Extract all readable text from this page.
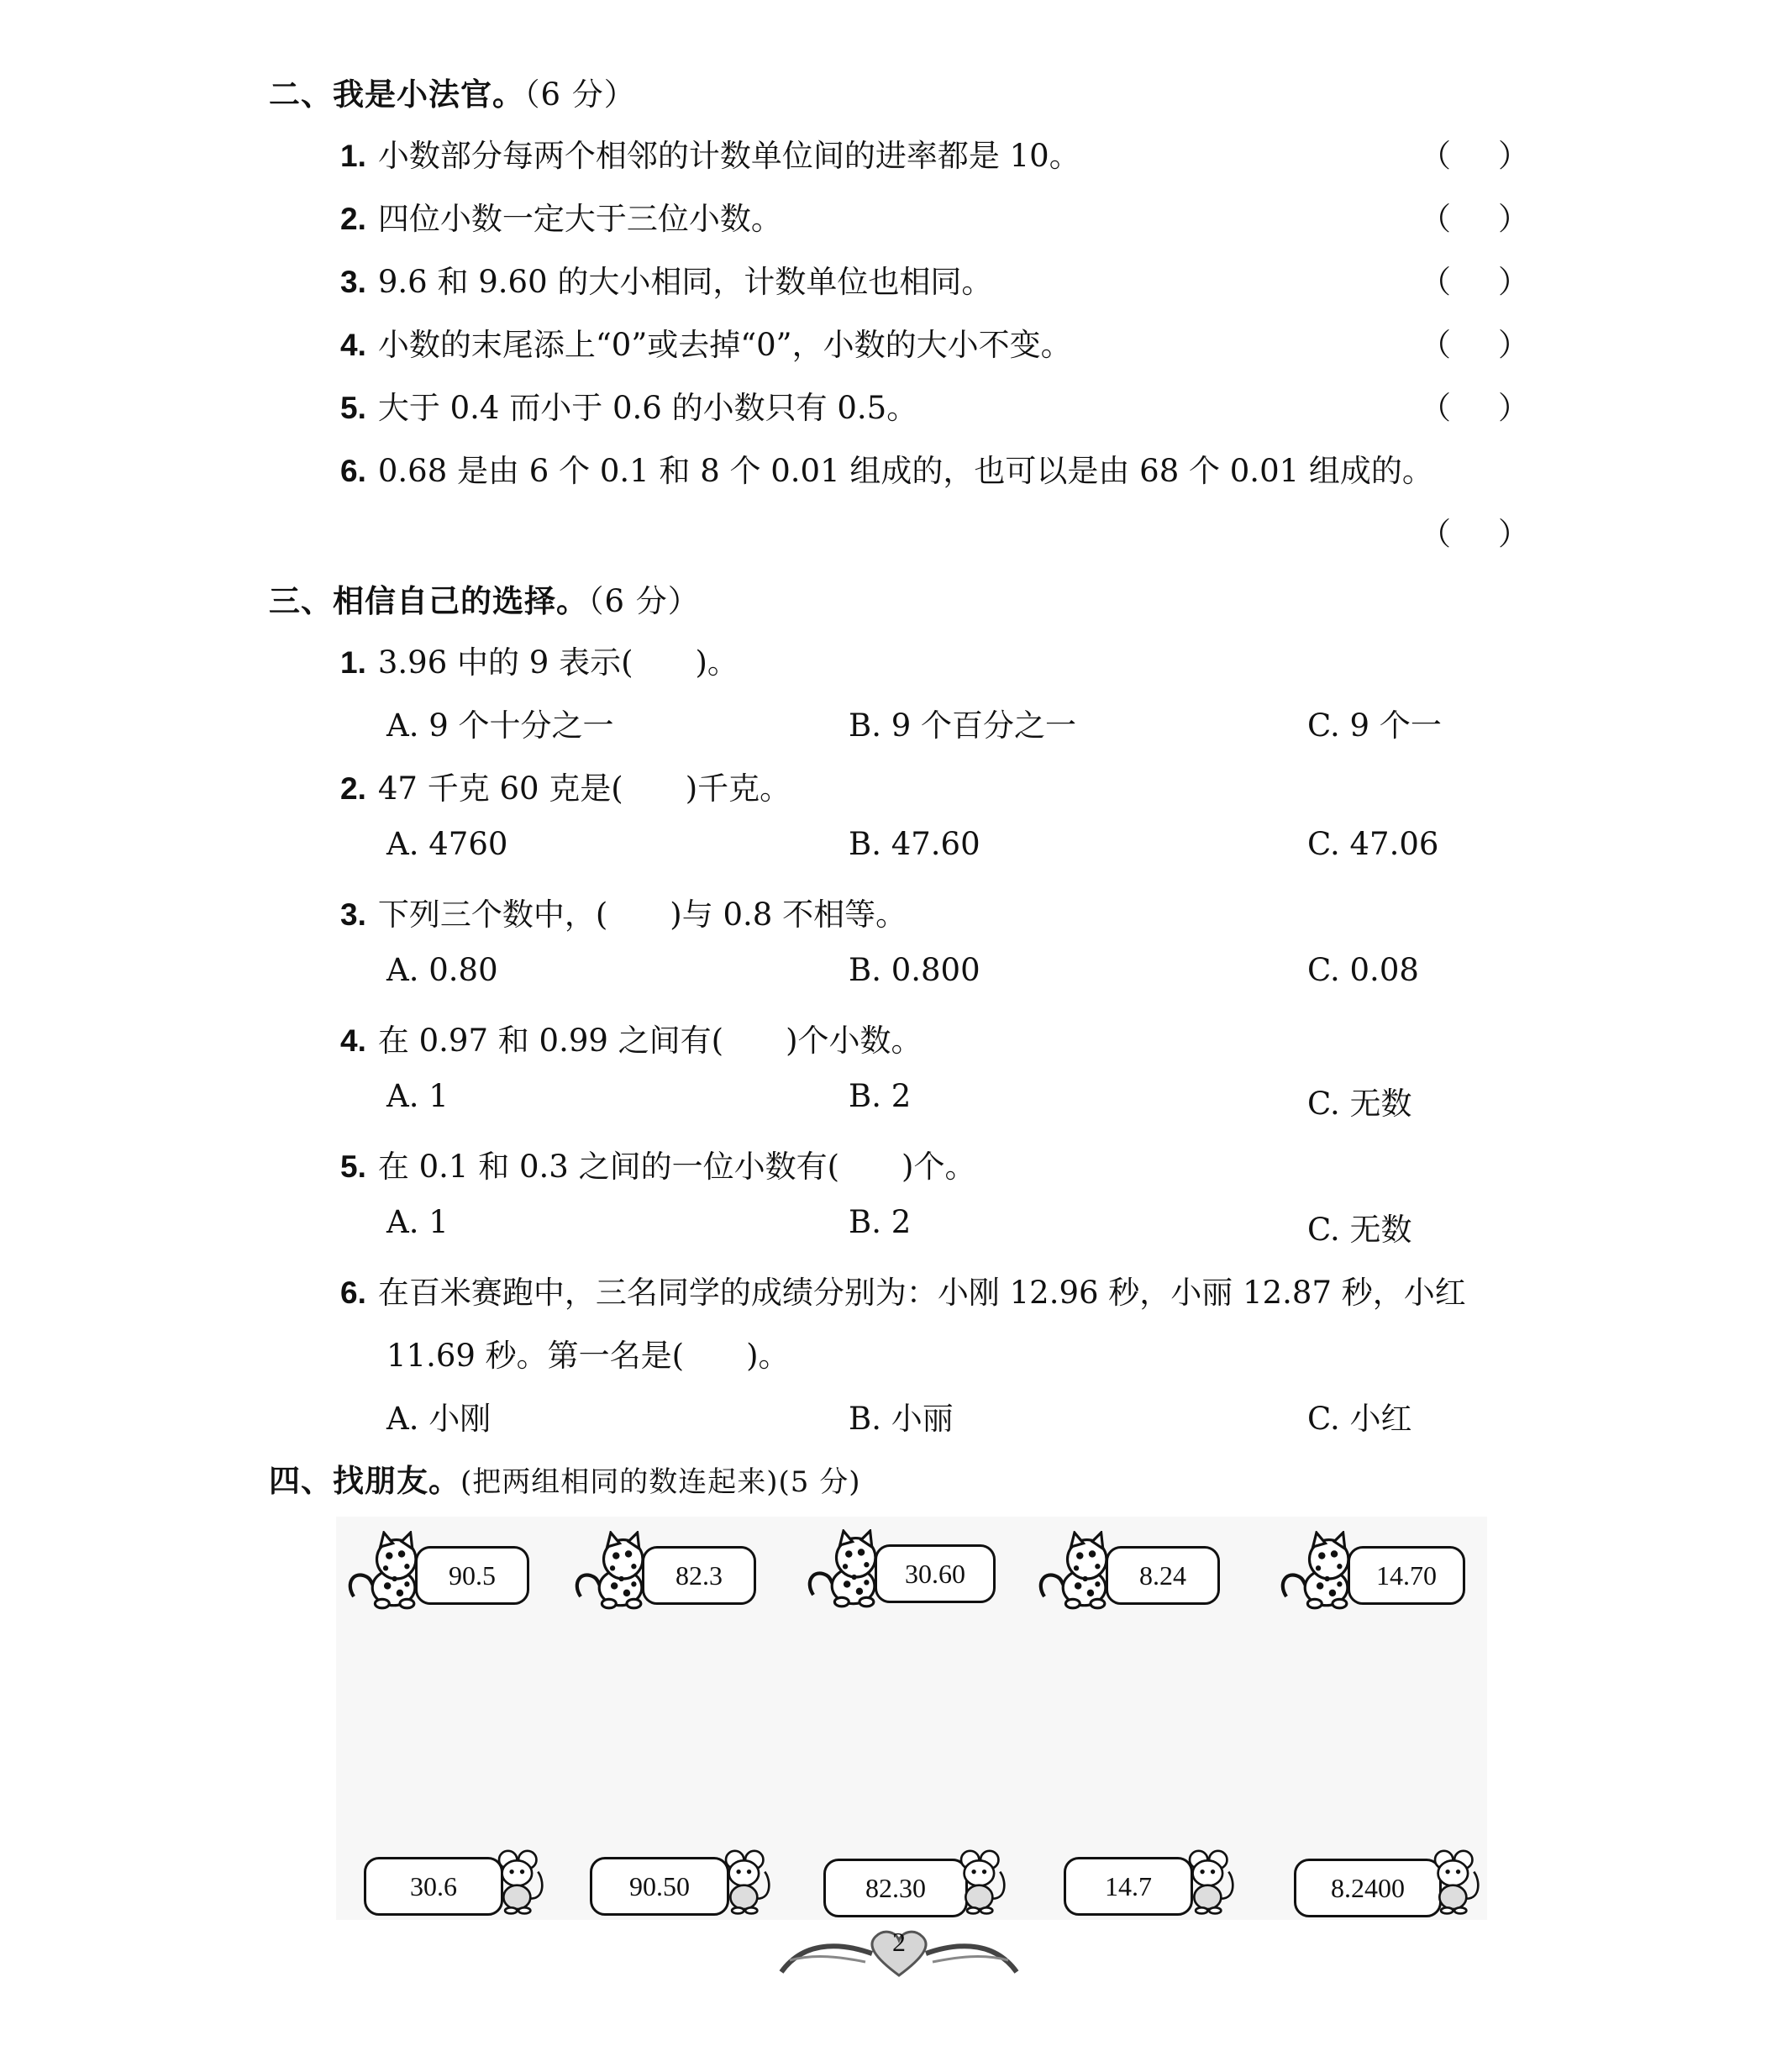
二、我是小法官。（6 分）
1. 小数部分每两个相邻的计数单位间的进率都是 10。	（ ）
2. 四位小数一定大于三位小数。	（ ）
3. 9.6 和 9.60 的大小相同，计数单位也相同。	（ ）
4. 小数的末尾添上“0”或去掉“0”，小数的大小不变。	（ ）
5. 大于 0.4 而小于 0.6 的小数只有 0.5。	（ ）
6. 0.68 是由 6 个 0.1 和 8 个 0.01 组成的，也可以是由 68 个 0.01 组成的。
（ ）
三、相信自己的选择。（6 分）
1. 3.96 中的 9 表示(　　)。
A. 9 个十分之一	B. 9 个百分之一	C. 9 个一
2. 47 千克 60 克是(　　)千克。
A. 4760	B. 47.60	C. 47.06
3. 下列三个数中，(　　)与 0.8 不相等。
A. 0.80	B. 0.800	C. 0.08
4. 在 0.97 和 0.99 之间有(　　)个小数。
A. 1	B. 2	C. 无数
5. 在 0.1 和 0.3 之间的一位小数有(　　)个。
A. 1	B. 2	C. 无数
6. 在百米赛跑中，三名同学的成绩分别为：小刚 12.96 秒，小丽 12.87 秒，小红
11.69 秒。第一名是(　　)。
A. 小刚	B. 小丽	C. 小红
四、找朋友。(把两组相同的数连起来)(5 分)
90.5	82.3	30.60	8.24	14.70
30.6	90.50	82.30	14.7	8.2400
2
